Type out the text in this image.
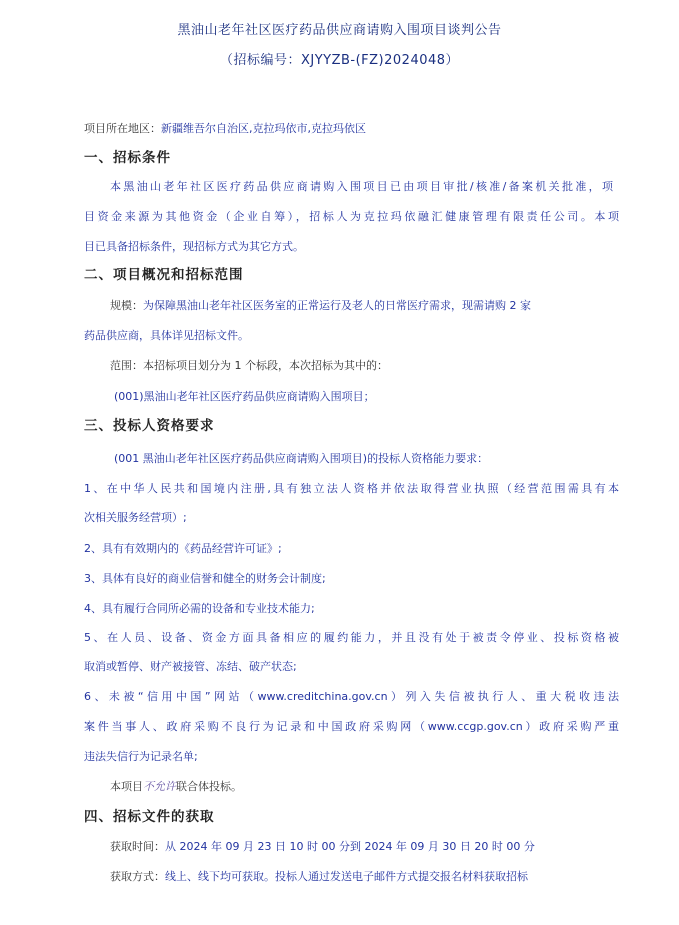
黑油山老年社区医疗药品供应商请购入围项目谈判公告
（招标编号：XJYYZB-(FZ)2024048）
项目所在地区：新疆维吾尔自治区,克拉玛依市,克拉玛依区
一、招标条件
本黑油山老年社区医疗药品供应商请购入围项目已由项目审批/核准/备案机关批准，项
目资金来源为其他资金（企业自筹），招标人为克拉玛依融汇健康管理有限责任公司。本项
目已具备招标条件，现招标方式为其它方式。
二、项目概况和招标范围
规模：为保障黑油山老年社区医务室的正常运行及老人的日常医疗需求，现需请购 2 家
药品供应商，具体详见招标文件。
范围：本招标项目划分为 1 个标段，本次招标为其中的：
(001)黑油山老年社区医疗药品供应商请购入围项目；
三、投标人资格要求
(001 黑油山老年社区医疗药品供应商请购入围项目)的投标人资格能力要求：
1、在中华人民共和国境内注册,具有独立法人资格并依法取得营业执照（经营范围需具有本
次相关服务经营项）;
2、具有有效期内的《药品经营许可证》;
3、具体有良好的商业信誉和健全的财务会计制度;
4、具有履行合同所必需的设备和专业技术能力;
5、在人员、设备、资金方面具备相应的履约能力，并且没有处于被责令停业、投标资格被
取消或暂停、财产被接管、冻结、破产状态;
6、未被“信用中国”网站（www.creditchina.gov.cn）列入失信被执行人、重大税收违法
案件当事人、政府采购不良行为记录和中国政府采购网（www.ccgp.gov.cn）政府采购严重
违法失信行为记录名单;
本项目不允许联合体投标。
四、招标文件的获取
获取时间：从 2024 年 09 月 23 日 10 时 00 分到 2024 年 09 月 30 日 20 时 00 分
获取方式：线上、线下均可获取。投标人通过发送电子邮件方式提交报名材料获取招标
